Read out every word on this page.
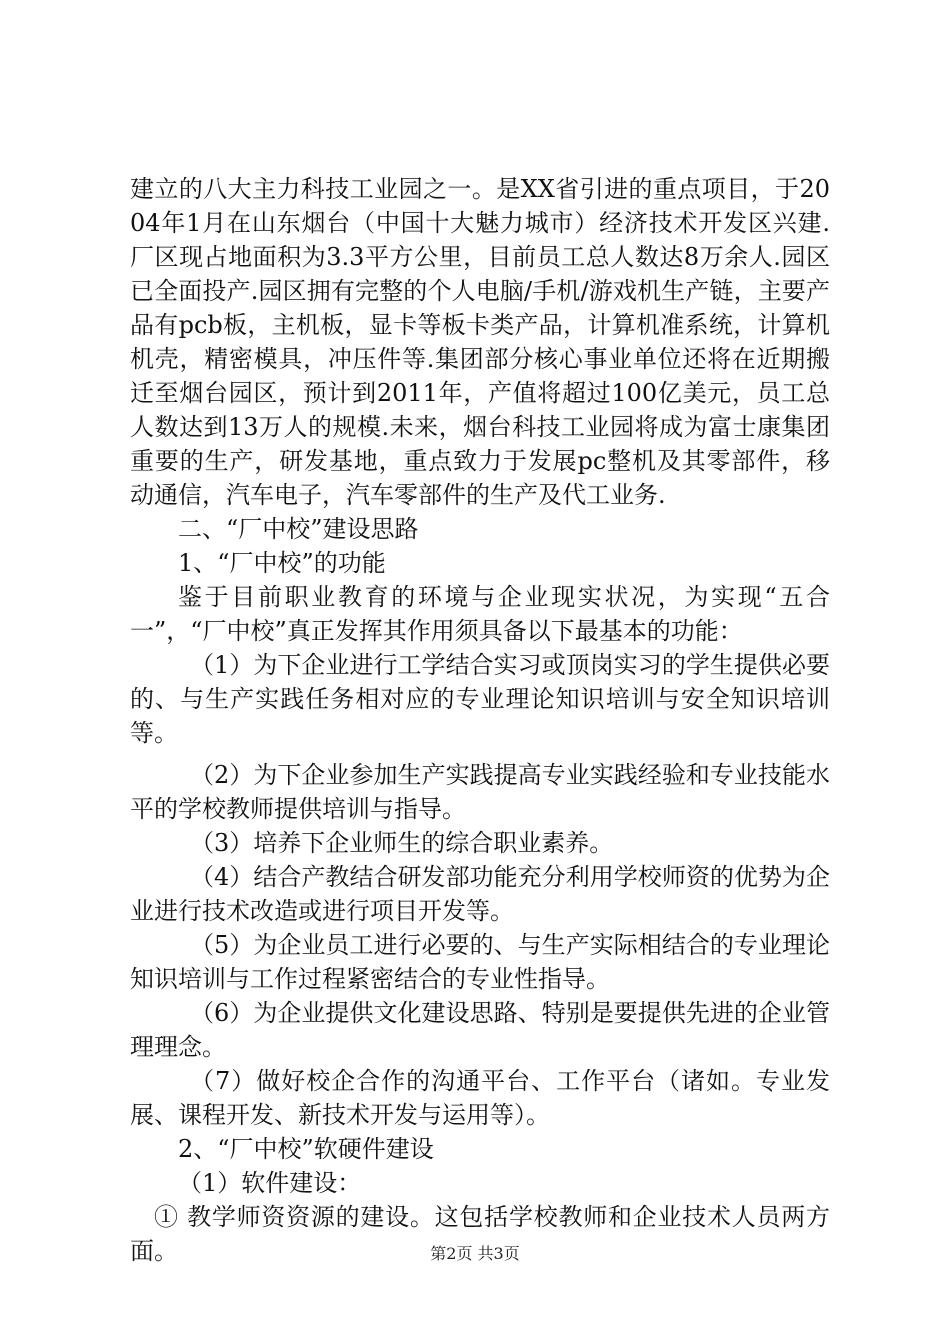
建立的八大主力科技工业园之一。是XX省引进的重点项目，于2004年1月在山东烟台（中国十大魅力城市）经济技术开发区兴建.厂区现占地面积为3.3平方公里，目前员工总人数达8万余人.园区已全面投产.园区拥有完整的个人电脑/手机/游戏机生产链，主要产品有pcb板，主机板，显卡等板卡类产品，计算机准系统，计算机机壳，精密模具，冲压件等.集团部分核心事业单位还将在近期搬迁至烟台园区，预计到2011年，产值将超过100亿美元，员工总人数达到13万人的规模.未来，烟台科技工业园将成为富士康集团重要的生产，研发基地，重点致力于发展pc整机及其零部件，移动通信，汽车电子，汽车零部件的生产及代工业务.

二、“厂中校”建设思路

1、“厂中校”的功能

鉴于目前职业教育的环境与企业现实状况，为实现“五合一”，“厂中校”真正发挥其作用须具备以下最基本的功能：

（1）为下企业进行工学结合实习或顶岗实习的学生提供必要的、与生产实践任务相对应的专业理论知识培训与安全知识培训等。

（2）为下企业参加生产实践提高专业实践经验和专业技能水平的学校教师提供培训与指导。

（3）培养下企业师生的综合职业素养。

（4）结合产教结合研发部功能充分利用学校师资的优势为企业进行技术改造或进行项目开发等。

（5）为企业员工进行必要的、与生产实际相结合的专业理论知识培训与工作过程紧密结合的专业性指导。

（6）为企业提供文化建设思路、特别是要提供先进的企业管理理念。

（7）做好校企合作的沟通平台、工作平台（诸如。专业发展、课程开发、新技术开发与运用等）。

2、“厂中校”软硬件建设

（1）软件建设：

① 教学师资资源的建设。这包括学校教师和企业技术人员两方面。	第2页 共3页
